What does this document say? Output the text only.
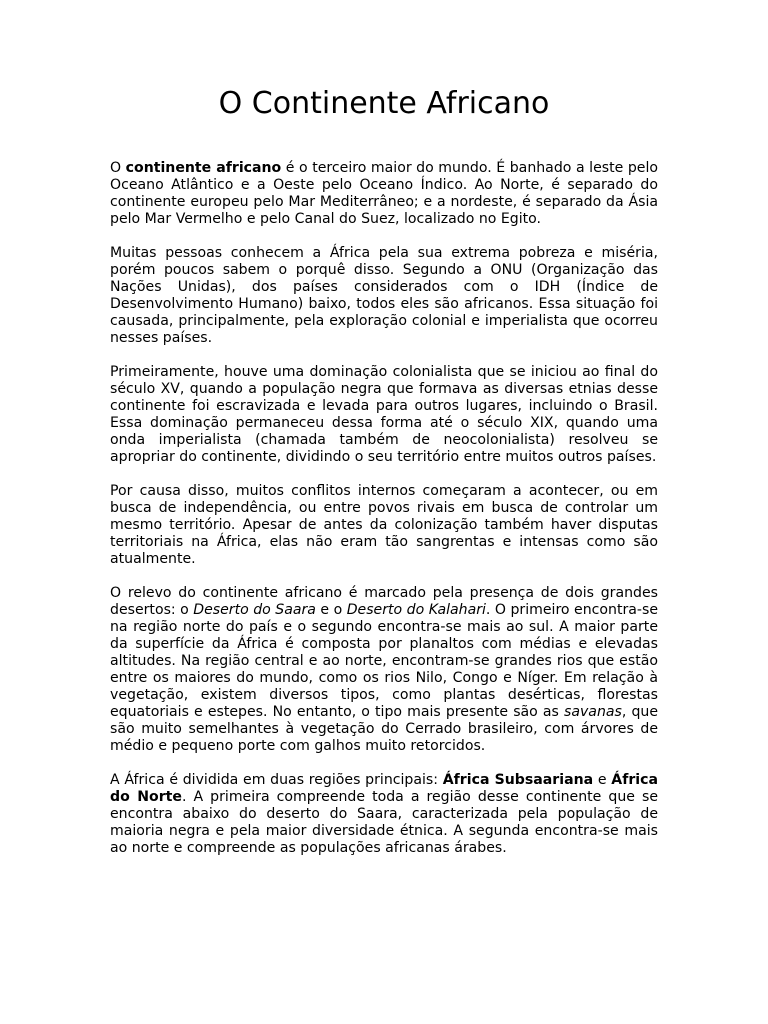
O Continente Africano

O continente africano é o terceiro maior do mundo. É banhado a leste pelo Oceano Atlântico e a Oeste pelo Oceano Índico. Ao Norte, é separado do continente europeu pelo Mar Mediterrâneo; e a nordeste, é separado da Ásia pelo Mar Vermelho e pelo Canal do Suez, localizado no Egito.

Muitas pessoas conhecem a África pela sua extrema pobreza e miséria, porém poucos sabem o porquê disso. Segundo a ONU (Organização das Nações Unidas), dos países considerados com o IDH (Índice de Desenvolvimento Humano) baixo, todos eles são africanos. Essa situação foi causada, principalmente, pela exploração colonial e imperialista que ocorreu nesses países.

Primeiramente, houve uma dominação colonialista que se iniciou ao final do século XV, quando a população negra que formava as diversas etnias desse continente foi escravizada e levada para outros lugares, incluindo o Brasil. Essa dominação permaneceu dessa forma até o século XIX, quando uma onda imperialista (chamada também de neocolonialista) resolveu se apropriar do continente, dividindo o seu território entre muitos outros países.

Por causa disso, muitos conflitos internos começaram a acontecer, ou em busca de independência, ou entre povos rivais em busca de controlar um mesmo território. Apesar de antes da colonização também haver disputas territoriais na África, elas não eram tão sangrentas e intensas como são atualmente.

O relevo do continente africano é marcado pela presença de dois grandes desertos: o Deserto do Saara e o Deserto do Kalahari. O primeiro encontra-se na região norte do país e o segundo encontra-se mais ao sul. A maior parte da superfície da África é composta por planaltos com médias e elevadas altitudes. Na região central e ao norte, encontram-se grandes rios que estão entre os maiores do mundo, como os rios Nilo, Congo e Níger. Em relação à vegetação, existem diversos tipos, como plantas desérticas, florestas equatoriais e estepes. No entanto, o tipo mais presente são as savanas, que são muito semelhantes à vegetação do Cerrado brasileiro, com árvores de médio e pequeno porte com galhos muito retorcidos.

A África é dividida em duas regiões principais: África Subsaariana e África do Norte. A primeira compreende toda a região desse continente que se encontra abaixo do deserto do Saara, caracterizada pela população de maioria negra e pela maior diversidade étnica. A segunda encontra-se mais ao norte e compreende as populações africanas árabes.
